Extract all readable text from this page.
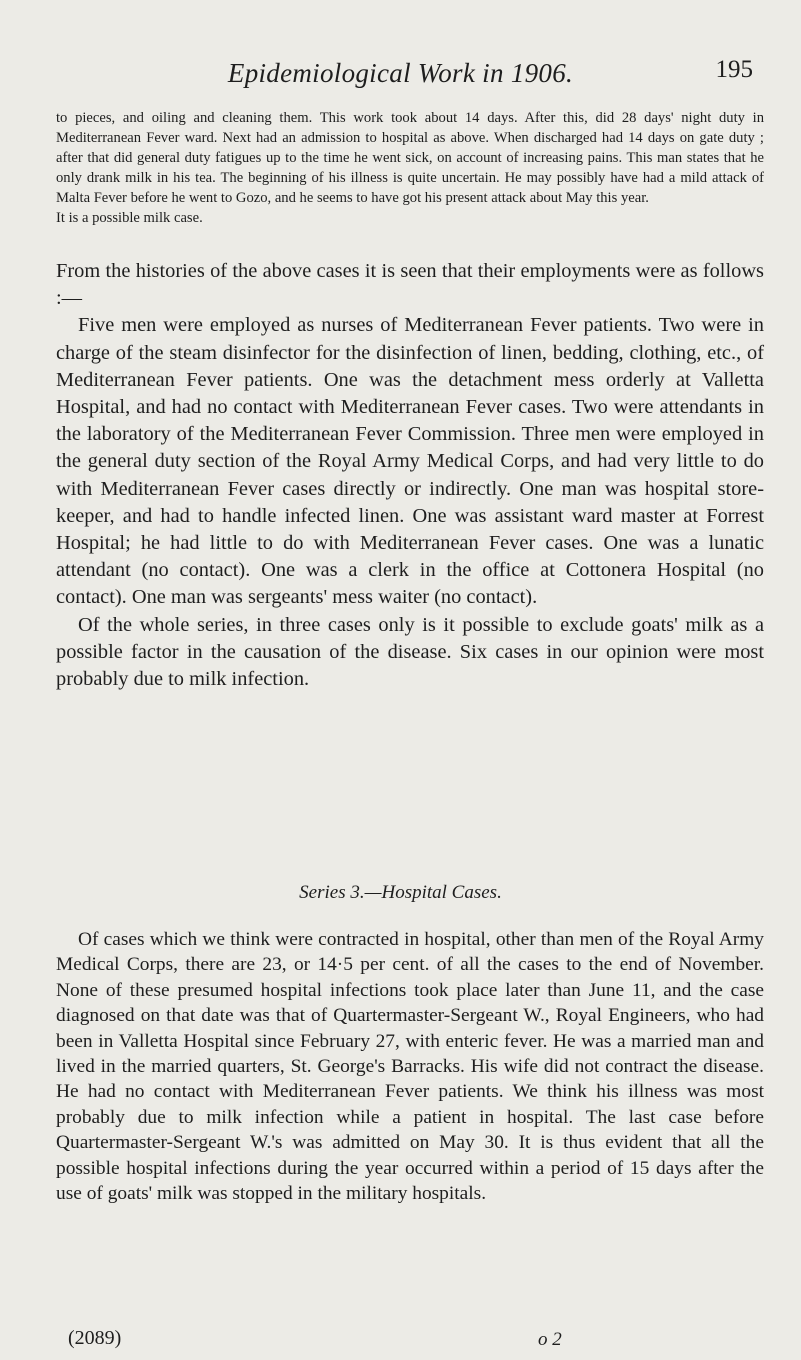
Epidemiological Work in 1906.	195

to pieces, and oiling and cleaning them. This work took about 14 days. After this, did 28 days' night duty in Mediterranean Fever ward. Next had an admission to hospital as above. When discharged had 14 days on gate duty ; after that did general duty fatigues up to the time he went sick, on account of increasing pains. This man states that he only drank milk in his tea. The beginning of his illness is quite uncertain. He may possibly have had a mild attack of Malta Fever before he went to Gozo, and he seems to have got his present attack about May this year.

It is a possible milk case.

From the histories of the above cases it is seen that their employments were as follows :—

Five men were employed as nurses of Mediterranean Fever patients. Two were in charge of the steam disinfector for the disinfection of linen, bedding, clothing, etc., of Mediterranean Fever patients. One was the detachment mess orderly at Valletta Hospital, and had no contact with Mediterranean Fever cases. Two were attendants in the laboratory of the Mediterranean Fever Commission. Three men were employed in the general duty section of the Royal Army Medical Corps, and had very little to do with Mediterranean Fever cases directly or indirectly. One man was hospital store-keeper, and had to handle infected linen. One was assistant ward master at Forrest Hospital; he had little to do with Mediterranean Fever cases. One was a lunatic attendant (no contact). One was a clerk in the office at Cottonera Hospital (no contact). One man was sergeants' mess waiter (no contact).

Of the whole series, in three cases only is it possible to exclude goats' milk as a possible factor in the causation of the disease. Six cases in our opinion were most probably due to milk infection.

Series 3.—Hospital Cases.

Of cases which we think were contracted in hospital, other than men of the Royal Army Medical Corps, there are 23, or 14·5 per cent. of all the cases to the end of November. None of these presumed hospital infections took place later than June 11, and the case diagnosed on that date was that of Quartermaster-Sergeant W., Royal Engineers, who had been in Valletta Hospital since February 27, with enteric fever. He was a married man and lived in the married quarters, St. George's Barracks. His wife did not contract the disease. He had no contact with Mediterranean Fever patients. We think his illness was most probably due to milk infection while a patient in hospital. The last case before Quartermaster-Sergeant W.'s was admitted on May 30. It is thus evident that all the possible hospital infections during the year occurred within a period of 15 days after the use of goats' milk was stopped in the military hospitals.

(2089)	o 2
